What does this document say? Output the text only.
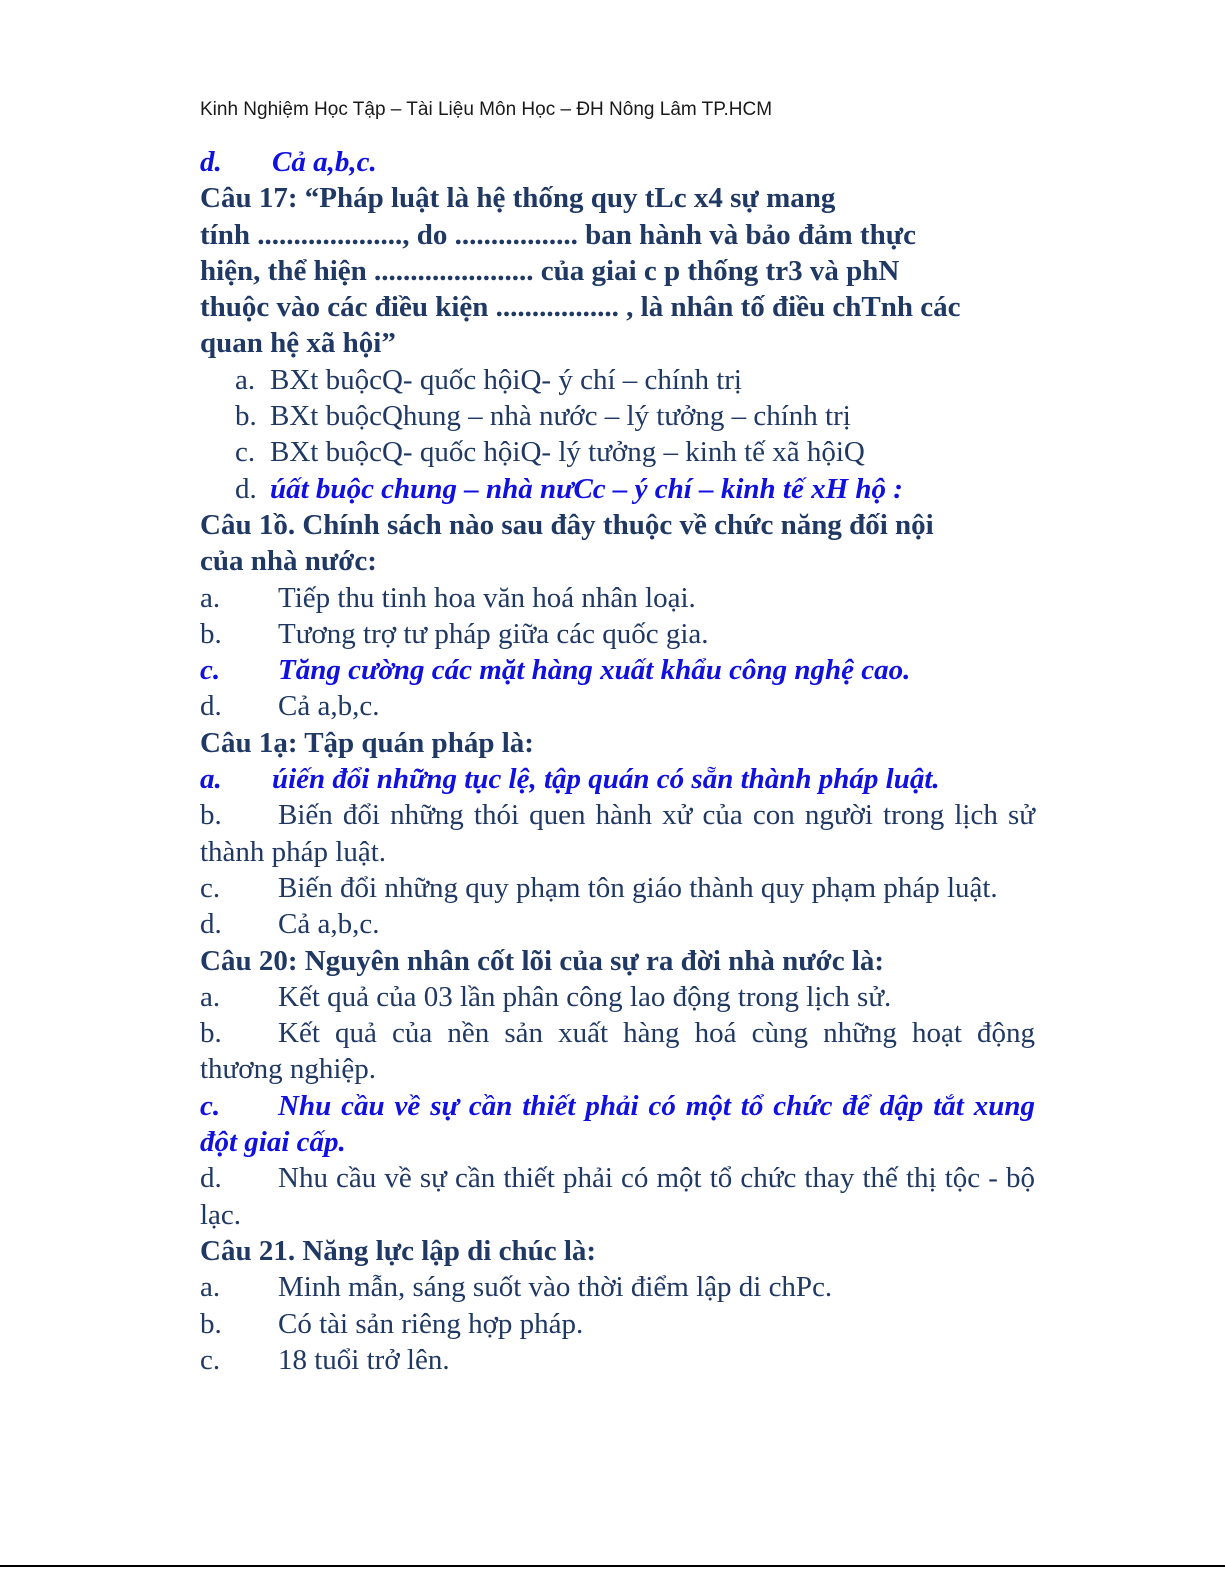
Kinh Nghiệm Học Tập – Tài Liệu Môn Học – ĐH Nông Lâm TP.HCM
d. Cả a,b,c.
Câu 17: “Pháp luật là hệ thống quy tLc x4 sự mang
tính ...................., do ................. ban hành và bảo đảm thực
hiện, thể hiện ...................... của giai c p thống tr3 và phN
thuộc vào các điều kiện ................. , là nhân tố điều chTnh các
quan hệ xã hội”
a. BXt buộcQ- quốc hộiQ- ý chí – chính trị
b. BXt buộcQhung – nhà nước – lý tưởng – chính trị
c. BXt buộcQ- quốc hộiQ- lý tưởng – kinh tế xã hộiQ
d. úất buộc chung – nhà nưCc – ý chí – kinh tế xH hộ :
Câu 1ồ. Chính sách nào sau đây thuộc về chức năng đối nội
của nhà nước:
a. Tiếp thu tinh hoa văn hoá nhân loại.
b. Tương trợ tư pháp giữa các quốc gia.
c. Tăng cường các mặt hàng xuất khẩu công nghệ cao.
d. Cả a,b,c.
Câu 1ạ: Tập quán pháp là:
a. úiến đổi những tục lệ, tập quán có sẵn thành pháp luật.
b. Biến đổi những thói quen hành xử của con người trong lịch sử thành pháp luật.
c. Biến đổi những quy phạm tôn giáo thành quy phạm pháp luật.
d. Cả a,b,c.
Câu 20: Nguyên nhân cốt lõi của sự ra đời nhà nước là:
a. Kết quả của 03 lần phân công lao động trong lịch sử.
b. Kết quả của nền sản xuất hàng hoá cùng những hoạt động thương nghiệp.
c. Nhu cầu về sự cần thiết phải có một tổ chức để dập tắt xung đột giai cấp.
d. Nhu cầu về sự cần thiết phải có một tổ chức thay thế thị tộc - bộ lạc.
Câu 21. Năng lực lập di chúc là:
a. Minh mẫn, sáng suốt vào thời điểm lập di chPc.
b. Có tài sản riêng hợp pháp.
c. 18 tuổi trở lên.
